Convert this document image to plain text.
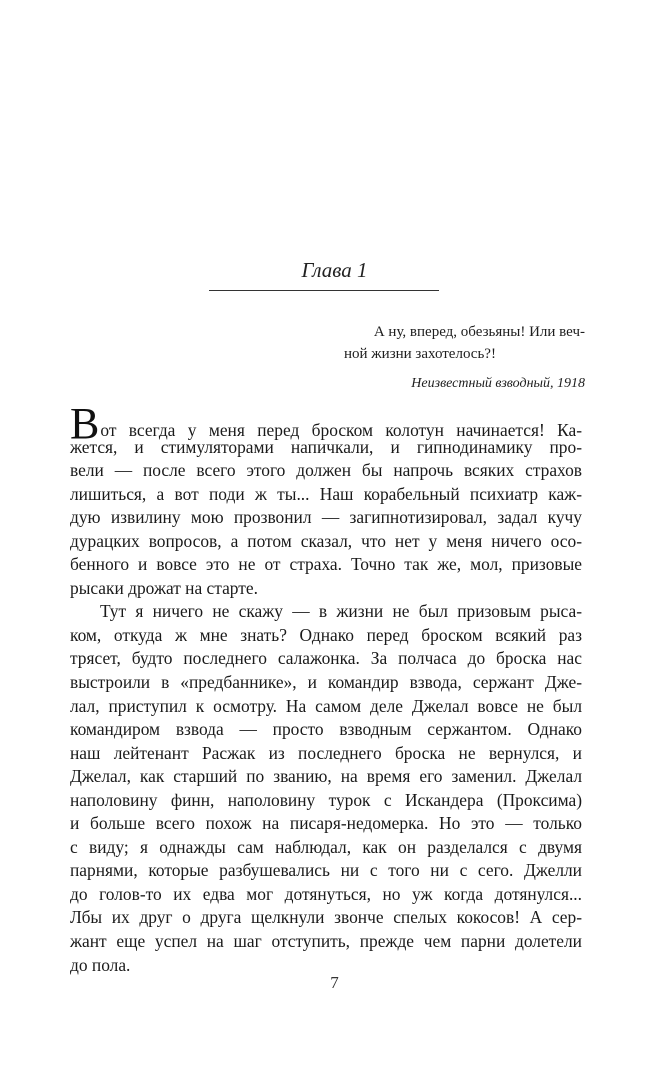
Глава 1
А ну, вперед, обезьяны! Или веч-
ной жизни захотелось?!
Неизвестный взводный, 1918
Вот всегда у меня перед броском колотун начинается! Ка-
жется, и стимуляторами напичкали, и гипнодинамику про-
вели — после всего этого должен бы напрочь всяких страхов
лишиться, а вот поди ж ты... Наш корабельный психиатр каж-
дую извилину мою прозвонил — загипнотизировал, задал кучу
дурацких вопросов, а потом сказал, что нет у меня ничего осо-
бенного и вовсе это не от страха. Точно так же, мол, призовые
рысаки дрожат на старте.
Тут я ничего не скажу — в жизни не был призовым рыса-
ком, откуда ж мне знать? Однако перед броском всякий раз
трясет, будто последнего салажонка. За полчаса до броска нас
выстроили в «предбаннике», и командир взвода, сержант Дже-
лал, приступил к осмотру. На самом деле Джелал вовсе не был
командиром взвода — просто взводным сержантом. Однако
наш лейтенант Расжак из последнего броска не вернулся, и
Джелал, как старший по званию, на время его заменил. Джелал
наполовину финн, наполовину турок с Искандера (Проксима)
и больше всего похож на писаря-недомерка. Но это — только
с виду; я однажды сам наблюдал, как он разделался с двумя
парнями, которые разбушевались ни с того ни с сего. Джелли
до голов-то их едва мог дотянуться, но уж когда дотянулся...
Лбы их друг о друга щелкнули звонче спелых кокосов! А сер-
жант еще успел на шаг отступить, прежде чем парни долетели
до пола.
7
